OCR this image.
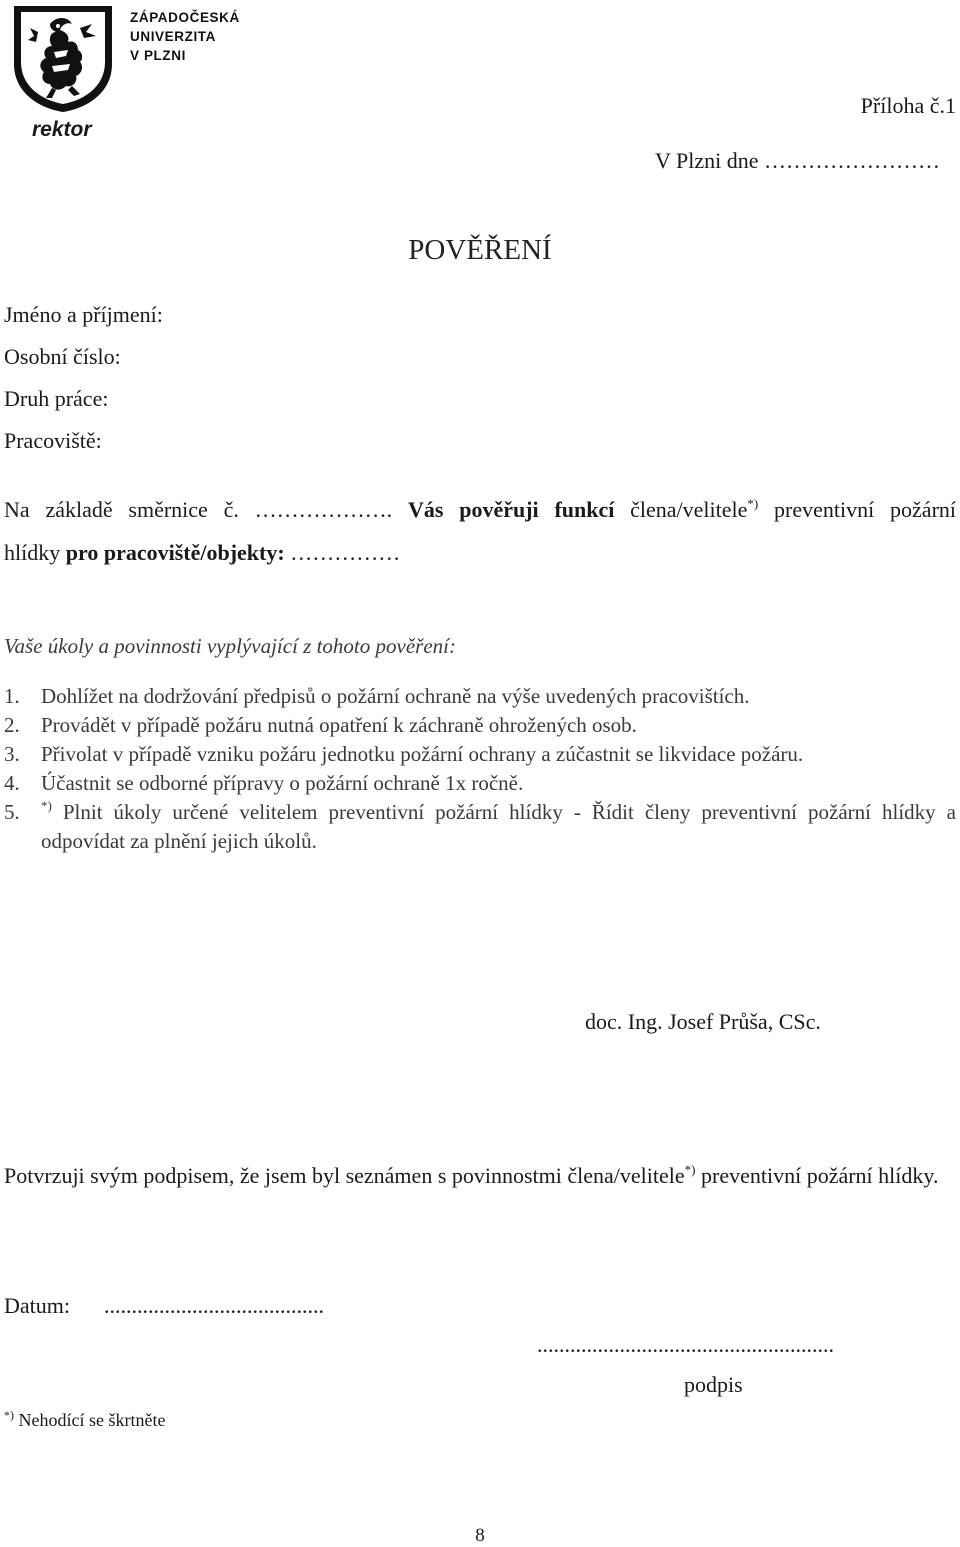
ZÁPADOČESKÁ
UNIVERZITA
V PLZNI
rektor
Příloha č.1
V Plzni dne ……………………
POVĚŘENÍ
Jméno a příjmení:
Osobní číslo:
Druh práce:
Pracoviště:
Na základě směrnice č. ………………. Vás pověřuji funkcí člena/velitele*) preventivní požární
hlídky pro pracoviště/objekty: ……………
Vaše úkoly a povinnosti vyplývající z tohoto pověření:
1.	Dohlížet na dodržování předpisů o požární ochraně na výše uvedených pracovištích.
2.	Provádět v případě požáru nutná opatření k záchraně ohrožených osob.
3.	Přivolat v případě vzniku požáru jednotku požární ochrany a zúčastnit se likvidace požáru.
4.	Účastnit se odborné přípravy o požární ochraně 1x ročně.
5.	*) Plnit úkoly určené velitelem preventivní požární hlídky - Řídit členy preventivní požární hlídky a odpovídat za plnění jejich úkolů.
doc. Ing. Josef Průša, CSc.
Potvrzuji svým podpisem, že jsem byl seznámen s povinnostmi člena/velitele*) preventivní požární hlídky.
Datum: ........................................
......................................................
podpis
*) Nehodící se škrtněte
8
